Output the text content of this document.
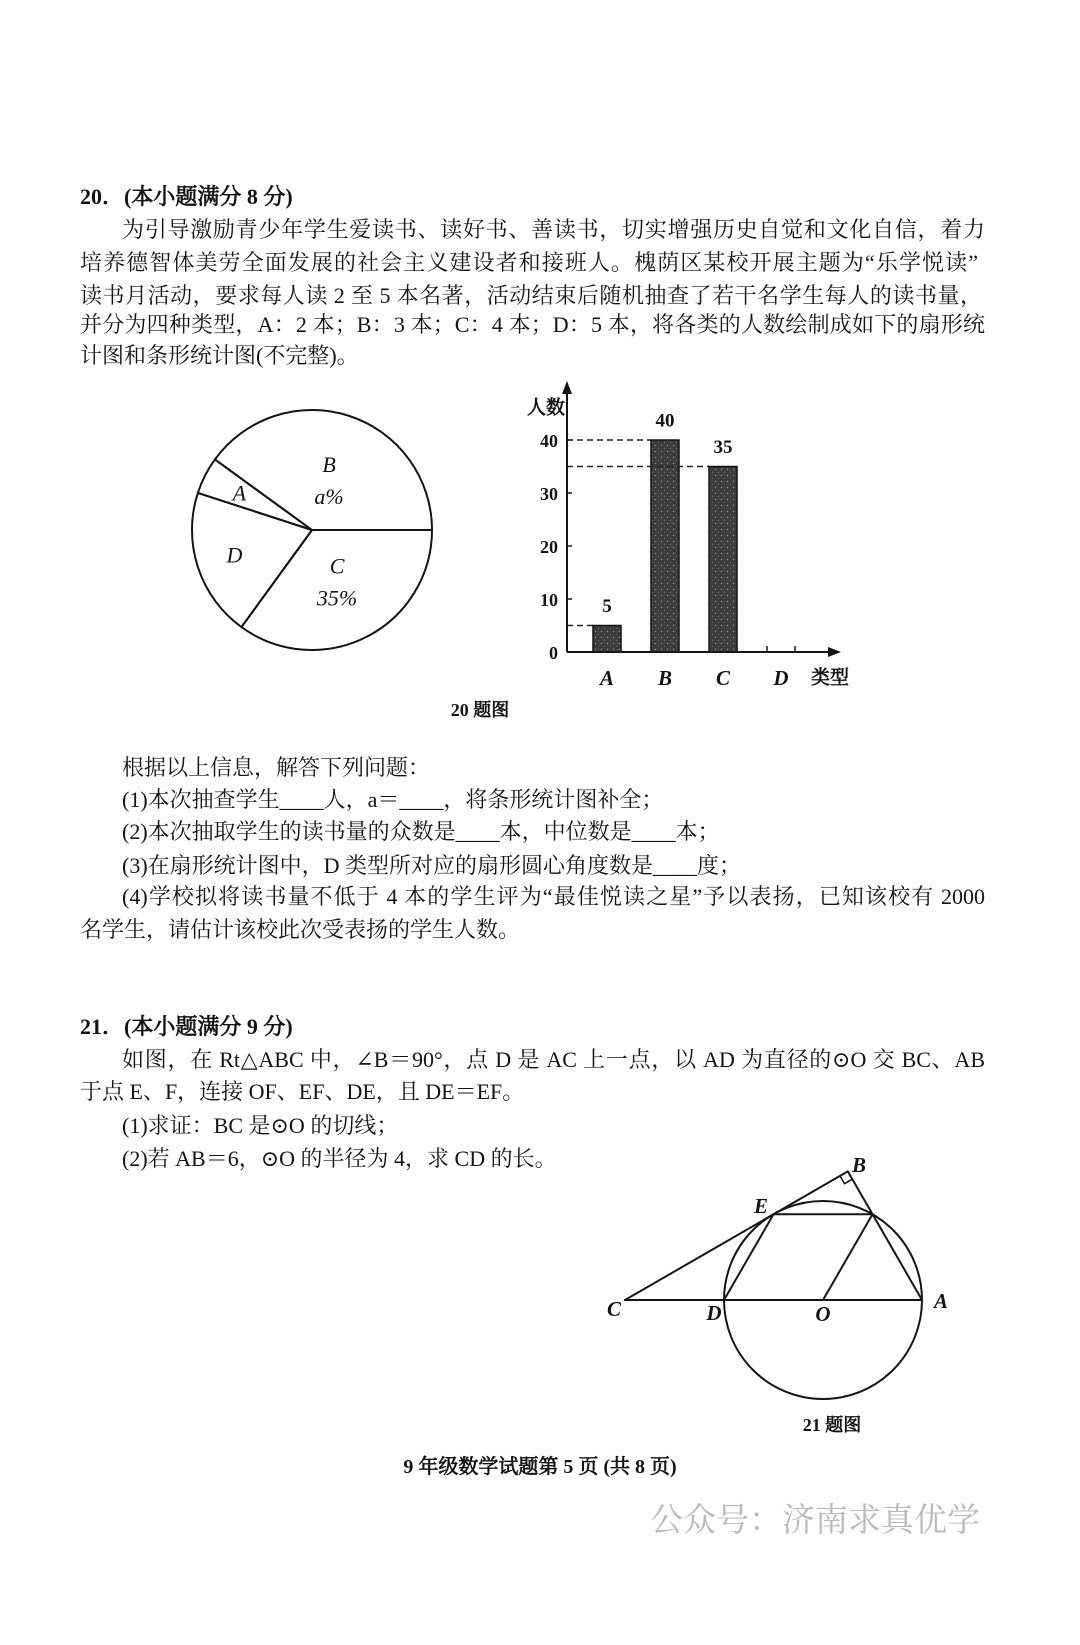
20．(本小题满分 8 分)
为引导激励青少年学生爱读书、读好书、善读书，切实增强历史自觉和文化自信，着力
培养德智体美劳全面发展的社会主义建设者和接班人。槐荫区某校开展主题为“乐学悦读”
读书月活动，要求每人读 2 至 5 本名著，活动结束后随机抽查了若干名学生每人的读书量，
并分为四种类型，A：2 本；B：3 本；C：4 本；D：5 本，将各类的人数绘制成如下的扇形统
计图和条形统计图(不完整)。
20 题图
根据以上信息，解答下列问题：
(1)本次抽查学生____人，a＝____，将条形统计图补全；
(2)本次抽取学生的读书量的众数是____本，中位数是____本；
(3)在扇形统计图中，D 类型所对应的扇形圆心角度数是____度；
(4)学校拟将读书量不低于 4 本的学生评为“最佳悦读之星”予以表扬，已知该校有 2000
名学生，请估计该校此次受表扬的学生人数。
21．(本小题满分 9 分)
如图，在 Rt△ABC 中，∠B＝90°，点 D 是 AC 上一点，以 AD 为直径的⊙O 交 BC、AB
于点 E、F，连接 OF、EF、DE，且 DE＝EF。
(1)求证：BC 是⊙O 的切线；
(2)若 AB＝6，⊙O 的半径为 4，求 CD 的长。
21 题图
9 年级数学试题第 5 页 (共 8 页)
公众号：济南求真优学
B
a%
A
D	C
35%
人数
类型
0
10
20
30
40
5
A
40
B
35
C D
B
E
C	D	O
A
